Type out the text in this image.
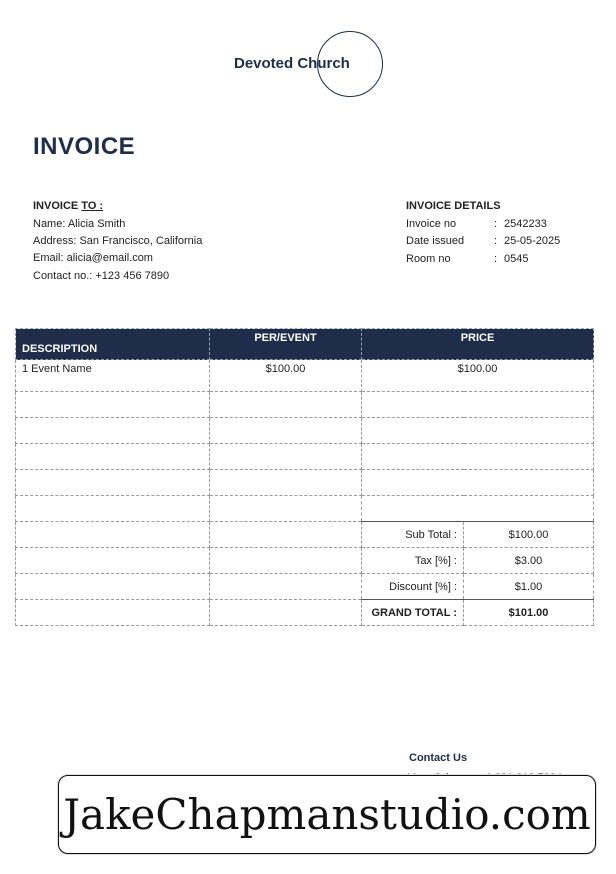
Devoted Church
INVOICE
INVOICE TO :
Name: Alicia Smith
Address: San Francisco, California
Email: alicia@email.com
Contact no.: +123 456 7890
INVOICE DETAILS
Invoice no	: 2542233
Date issued	: 25-05-2025
Room no	: 0545
DESCRIPTION	PER/EVENT	PRICE	
1 Event Name	$100.00	$100.00	

		Sub Total :	$100.00
		Tax [%] :	$3.00
		Discount [%] :	$1.00
		GRAND TOTAL :	$101.00
Contact Us
JakeChapmanstudio.com
